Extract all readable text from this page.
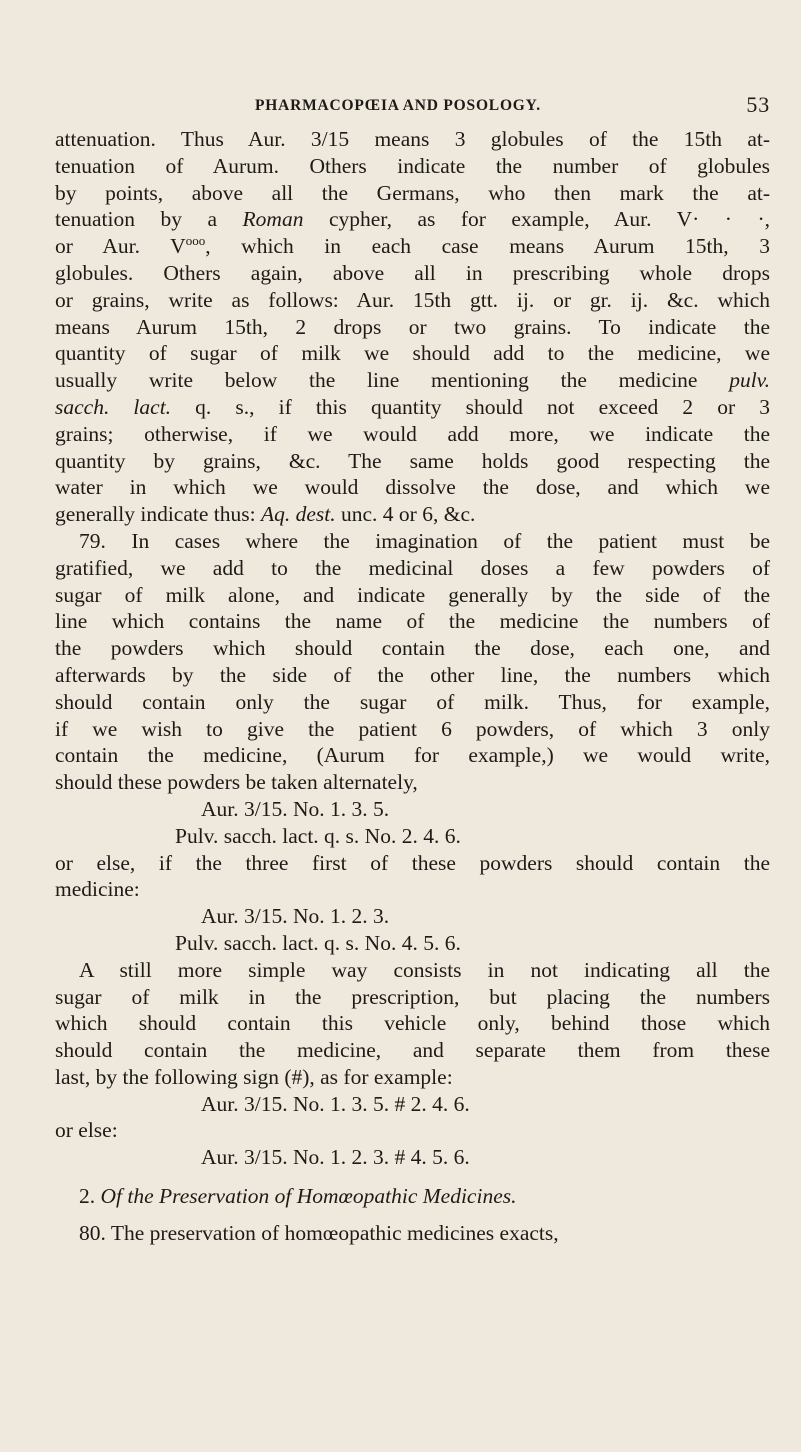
PHARMACOPŒIA AND POSOLOGY.	53

attenuation. Thus Aur. 3/15 means 3 globules of the 15th at-
tenuation of Aurum. Others indicate the number of globules
by points, above all the Germans, who then mark the at-
tenuation by a Roman cypher, as for example, Aur. V· · ·,
or Aur. $V^{ooo}$, which in each case means Aurum 15th, 3
globules. Others again, above all in prescribing whole drops
or grains, write as follows: Aur. 15th gtt. ij. or gr. ij. &c. which
means Aurum 15th, 2 drops or two grains. To indicate the
quantity of sugar of milk we should add to the medicine, we
usually write below the line mentioning the medicine pulv.
sacch. lact. q. s., if this quantity should not exceed 2 or 3
grains; otherwise, if we would add more, we indicate the
quantity by grains, &c. The same holds good respecting the
water in which we would dissolve the dose, and which we
generally indicate thus: Aq. dest. unc. 4 or 6, &c.

79. In cases where the imagination of the patient must be
gratified, we add to the medicinal doses a few powders of
sugar of milk alone, and indicate generally by the side of the
line which contains the name of the medicine the numbers of
the powders which should contain the dose, each one, and
afterwards by the side of the other line, the numbers which
should contain only the sugar of milk. Thus, for example,
if we wish to give the patient 6 powders, of which 3 only
contain the medicine, (Aurum for example,) we would write,
should these powders be taken alternately,
Aur. 3/15. No. 1. 3. 5.
Pulv. sacch. lact. q. s. No. 2. 4. 6.

or else, if the three first of these powders should contain the
medicine:
Aur. 3/15. No. 1. 2. 3.
Pulv. sacch. lact. q. s. No. 4. 5. 6.

A still more simple way consists in not indicating all the
sugar of milk in the prescription, but placing the numbers
which should contain this vehicle only, behind those which
should contain the medicine, and separate them from these
last, by the following sign (#), as for example:
Aur. 3/15. No. 1. 3. 5. # 2. 4. 6.

or else:
Aur. 3/15. No. 1. 2. 3. # 4. 5. 6.

2. Of the Preservation of Homœopathic Medicines.
80. The preservation of homœopathic medicines exacts,
